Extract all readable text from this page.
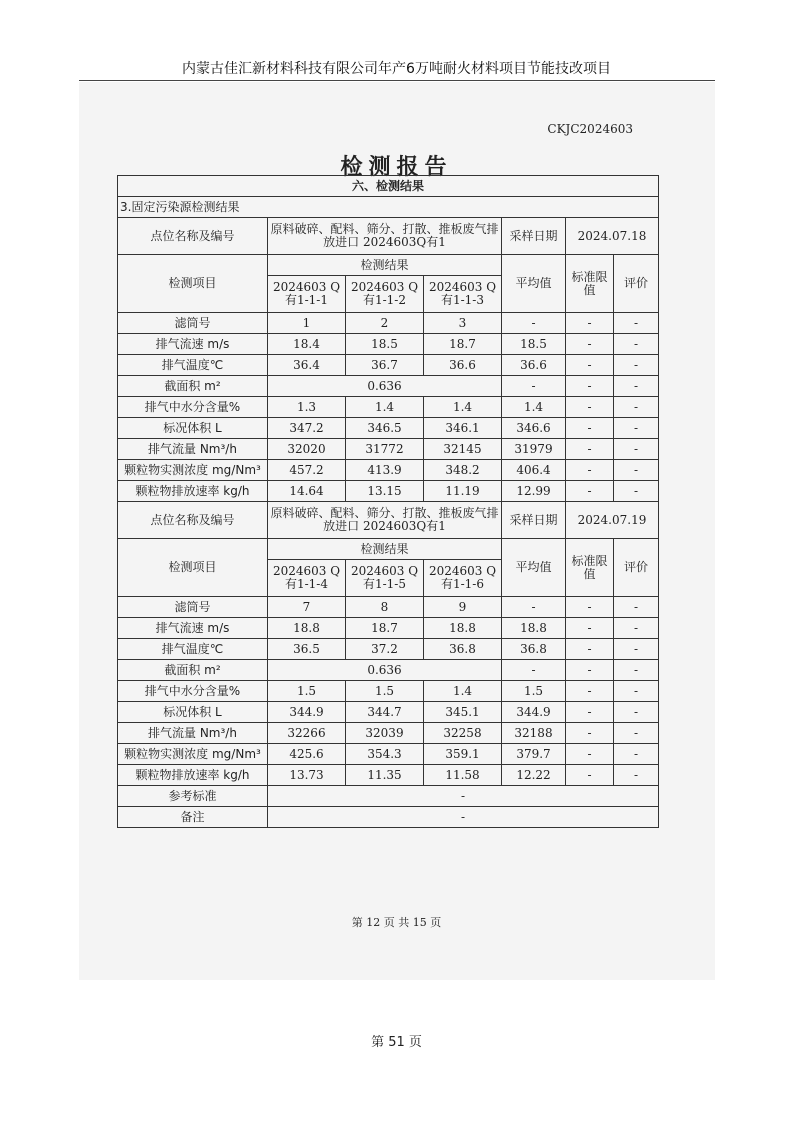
内蒙古佳汇新材料科技有限公司年产6万吨耐火材料项目节能技改项目
CKJC2024603
检测报告
六、检测结果						
3.固定污染源检测结果						
点位名称及编号	原料破碎、配料、筛分、打散、推板废气排放进口 2024603Q有1			采样日期	2024.07.18	
检测项目	检测结果			平均值	标准限值	评价
	2024603 Q有1-1-1	2024603 Q有1-1-2	2024603 Q有1-1-3			
滤筒号	1	2	3	-	-	-
排气流速 m/s	18.4	18.5	18.7	18.5	-	-
排气温度℃	36.4	36.7	36.6	36.6	-	-
截面积 m²	0.636			-	-	-
排气中水分含量%	1.3	1.4	1.4	1.4	-	-
标况体积 L	347.2	346.5	346.1	346.6	-	-
排气流量 Nm³/h	32020	31772	32145	31979	-	-
颗粒物实测浓度 mg/Nm³	457.2	413.9	348.2	406.4	-	-
颗粒物排放速率 kg/h	14.64	13.15	11.19	12.99	-	-
点位名称及编号	原料破碎、配料、筛分、打散、推板废气排放进口 2024603Q有1			采样日期	2024.07.19	
检测项目	检测结果			平均值	标准限值	评价
	2024603 Q有1-1-4	2024603 Q有1-1-5	2024603 Q有1-1-6			
滤筒号	7	8	9	-	-	-
排气流速 m/s	18.8	18.7	18.8	18.8	-	-
排气温度℃	36.5	37.2	36.8	36.8	-	-
截面积 m²	0.636			-	-	-
排气中水分含量%	1.5	1.5	1.4	1.5	-	-
标况体积 L	344.9	344.7	345.1	344.9	-	-
排气流量 Nm³/h	32266	32039	32258	32188	-	-
颗粒物实测浓度 mg/Nm³	425.6	354.3	359.1	379.7	-	-
颗粒物排放速率 kg/h	13.73	11.35	11.58	12.22	-	-
参考标准	-					
备注	-					
第 12 页 共 15 页
第 51 页
